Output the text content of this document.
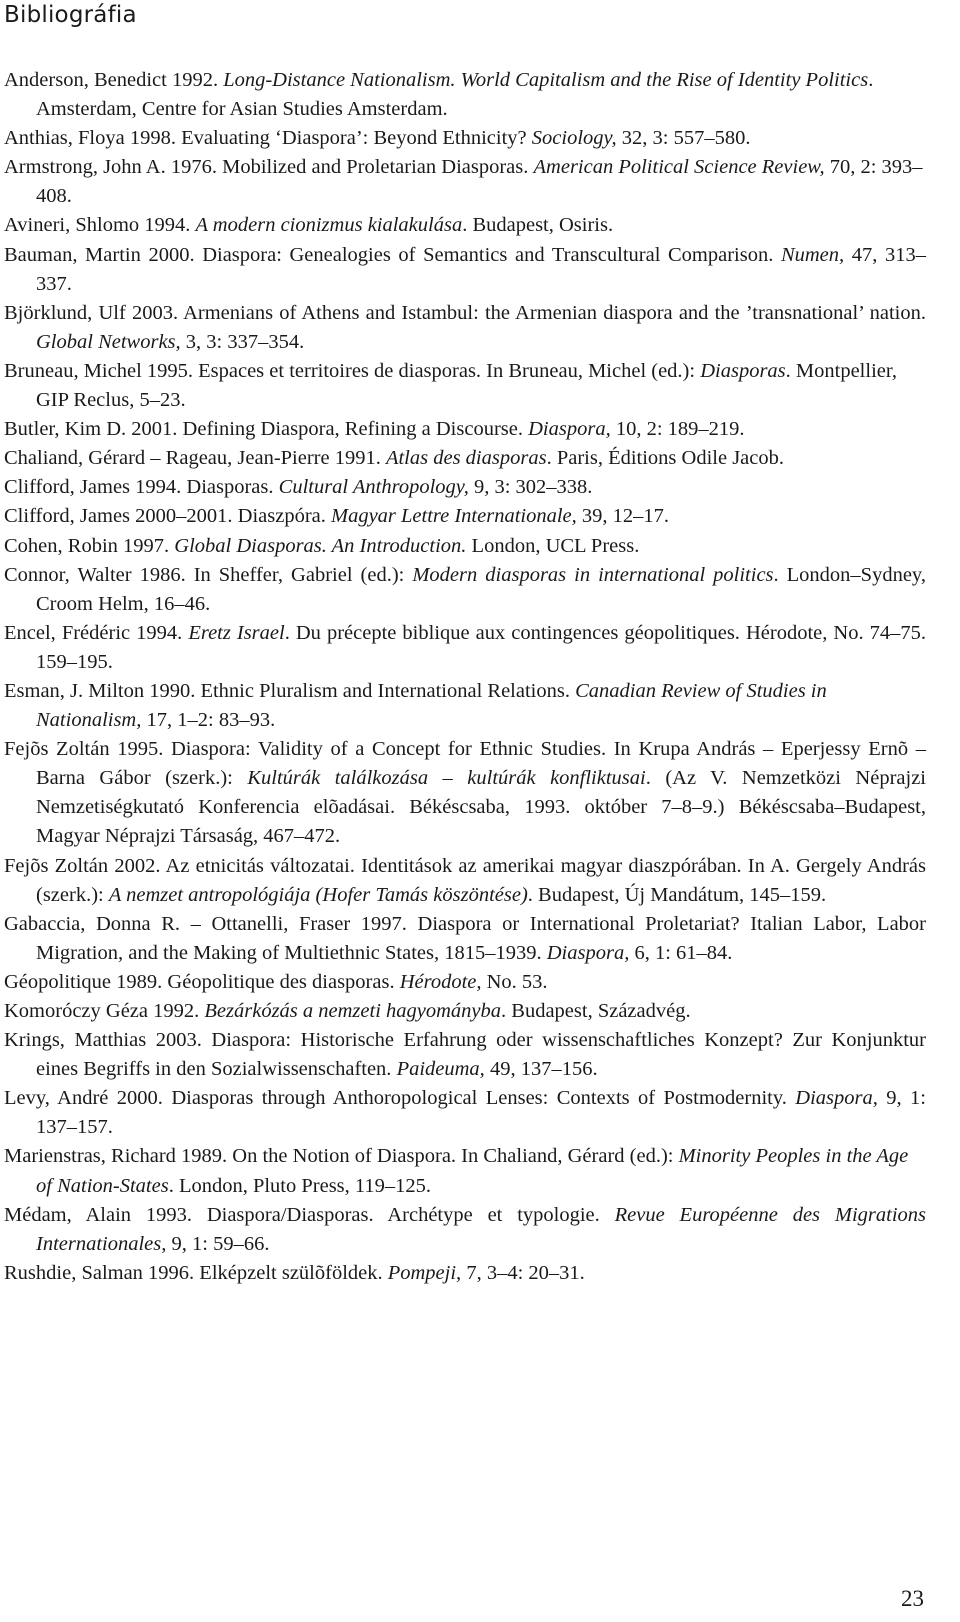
Bibliográfia
Anderson, Benedict 1992. Long-Distance Nationalism. World Capitalism and the Rise of Identity Politics. Amsterdam, Centre for Asian Studies Amsterdam.
Anthias, Floya 1998. Evaluating ‘Diaspora’: Beyond Ethnicity? Sociology, 32, 3: 557–580.
Armstrong, John A. 1976. Mobilized and Proletarian Diasporas. American Political Science Review, 70, 2: 393–408.
Avineri, Shlomo 1994. A modern cionizmus kialakulása. Budapest, Osiris.
Bauman, Martin 2000. Diaspora: Genealogies of Semantics and Transcultural Comparison. Numen, 47, 313–337.
Björklund, Ulf 2003. Armenians of Athens and Istambul: the Armenian diaspora and the ’transnational’ nation. Global Networks, 3, 3: 337–354.
Bruneau, Michel 1995. Espaces et territoires de diasporas. In Bruneau, Michel (ed.): Diasporas. Montpellier, GIP Reclus, 5–23.
Butler, Kim D. 2001. Defining Diaspora, Refining a Discourse. Diaspora, 10, 2: 189–219.
Chaliand, Gérard – Rageau, Jean-Pierre 1991. Atlas des diasporas. Paris, Éditions Odile Jacob.
Clifford, James 1994. Diasporas. Cultural Anthropology, 9, 3: 302–338.
Clifford, James 2000–2001. Diaszpóra. Magyar Lettre Internationale, 39, 12–17.
Cohen, Robin 1997. Global Diasporas. An Introduction. London, UCL Press.
Connor, Walter 1986. In Sheffer, Gabriel (ed.): Modern diasporas in international politics. London–Sydney, Croom Helm, 16–46.
Encel, Frédéric 1994. Eretz Israel. Du précepte biblique aux contingences géopolitiques. Hérodote, No. 74–75. 159–195.
Esman, J. Milton 1990. Ethnic Pluralism and International Relations. Canadian Review of Studies in Nationalism, 17, 1–2: 83–93.
Fejõs Zoltán 1995. Diaspora: Validity of a Concept for Ethnic Studies. In Krupa András – Eperjessy Ernõ – Barna Gábor (szerk.): Kultúrák találkozása – kultúrák konfliktusai. (Az V. Nemzetközi Néprajzi Nemzetiségkutató Konferencia elõadásai. Békéscsaba, 1993. október 7–8–9.) Békéscsaba–Budapest, Magyar Néprajzi Társaság, 467–472.
Fejõs Zoltán 2002. Az etnicitás változatai. Identitások az amerikai magyar diaszpórában. In A. Gergely András (szerk.): A nemzet antropológiája (Hofer Tamás köszöntése). Budapest, Új Mandátum, 145–159.
Gabaccia, Donna R. – Ottanelli, Fraser 1997. Diaspora or International Proletariat? Italian Labor, Labor Migration, and the Making of Multiethnic States, 1815–1939. Diaspora, 6, 1: 61–84.
Géopolitique 1989. Géopolitique des diasporas. Hérodote, No. 53.
Komoróczy Géza 1992. Bezárkózás a nemzeti hagyományba. Budapest, Századvég.
Krings, Matthias 2003. Diaspora: Historische Erfahrung oder wissenschaftliches Konzept? Zur Konjunktur eines Begriffs in den Sozialwissenschaften. Paideuma, 49, 137–156.
Levy, André 2000. Diasporas through Anthoropological Lenses: Contexts of Postmodernity. Diaspora, 9, 1: 137–157.
Marienstras, Richard 1989. On the Notion of Diaspora. In Chaliand, Gérard (ed.): Minority Peoples in the Age of Nation-States. London, Pluto Press, 119–125.
Médam, Alain 1993. Diaspora/Diasporas. Archétype et typologie. Revue Européenne des Migrations Internationales, 9, 1: 59–66.
Rushdie, Salman 1996. Elképzelt szülõföldek. Pompeji, 7, 3–4: 20–31.
23
